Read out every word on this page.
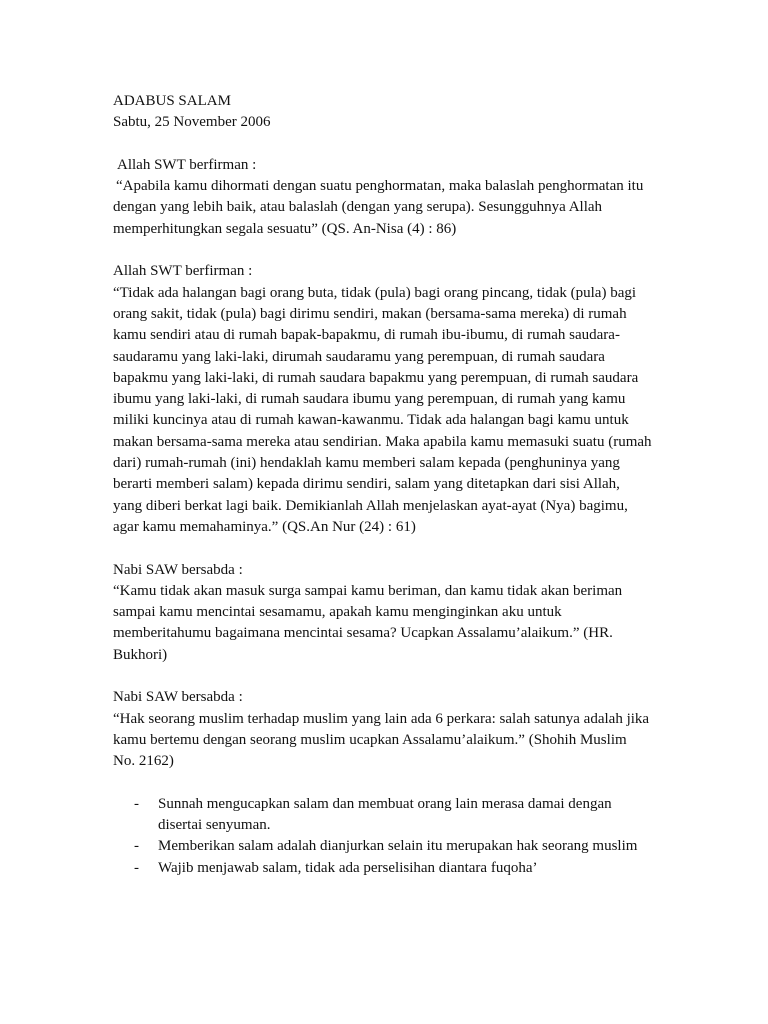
ADABUS SALAM
Sabtu, 25 November 2006
Allah SWT berfirman :
“Apabila kamu dihormati dengan suatu penghormatan, maka balaslah penghormatan itu
dengan yang lebih baik, atau balaslah (dengan yang serupa). Sesungguhnya Allah
memperhitungkan segala sesuatu” (QS. An-Nisa (4) : 86)
Allah SWT berfirman :
“Tidak ada halangan bagi orang buta, tidak (pula) bagi orang pincang, tidak (pula) bagi
orang sakit, tidak (pula) bagi dirimu sendiri, makan (bersama-sama mereka) di rumah
kamu sendiri atau di rumah bapak-bapakmu, di rumah ibu-ibumu, di rumah saudara-
saudaramu yang laki-laki, dirumah saudaramu yang perempuan, di rumah saudara
bapakmu yang laki-laki, di rumah saudara bapakmu yang perempuan, di rumah saudara
ibumu yang laki-laki, di rumah saudara ibumu yang perempuan, di rumah yang kamu
miliki kuncinya atau di rumah kawan-kawanmu. Tidak ada halangan bagi kamu untuk
makan bersama-sama mereka atau sendirian. Maka apabila kamu memasuki suatu (rumah
dari) rumah-rumah (ini) hendaklah kamu memberi salam kepada (penghuninya yang
berarti memberi salam) kepada dirimu sendiri, salam yang ditetapkan dari sisi Allah,
yang diberi berkat lagi baik. Demikianlah Allah menjelaskan ayat-ayat (Nya) bagimu,
agar kamu memahaminya.” (QS.An Nur (24) : 61)
Nabi SAW bersabda :
“Kamu tidak akan masuk surga sampai kamu beriman, dan kamu tidak akan beriman
sampai kamu mencintai sesamamu, apakah kamu menginginkan aku untuk
memberitahumu bagaimana mencintai sesama? Ucapkan Assalamu’alaikum.” (HR.
Bukhori)
Nabi SAW bersabda :
“Hak seorang muslim terhadap muslim yang lain ada 6 perkara: salah satunya adalah jika
kamu bertemu dengan seorang muslim ucapkan Assalamu’alaikum.” (Shohih Muslim
No. 2162)
- Sunnah mengucapkan salam dan membuat orang lain merasa damai dengan
disertai senyuman.
- Memberikan salam adalah dianjurkan selain itu merupakan hak seorang muslim
- Wajib menjawab salam, tidak ada perselisihan diantara fuqoha’
